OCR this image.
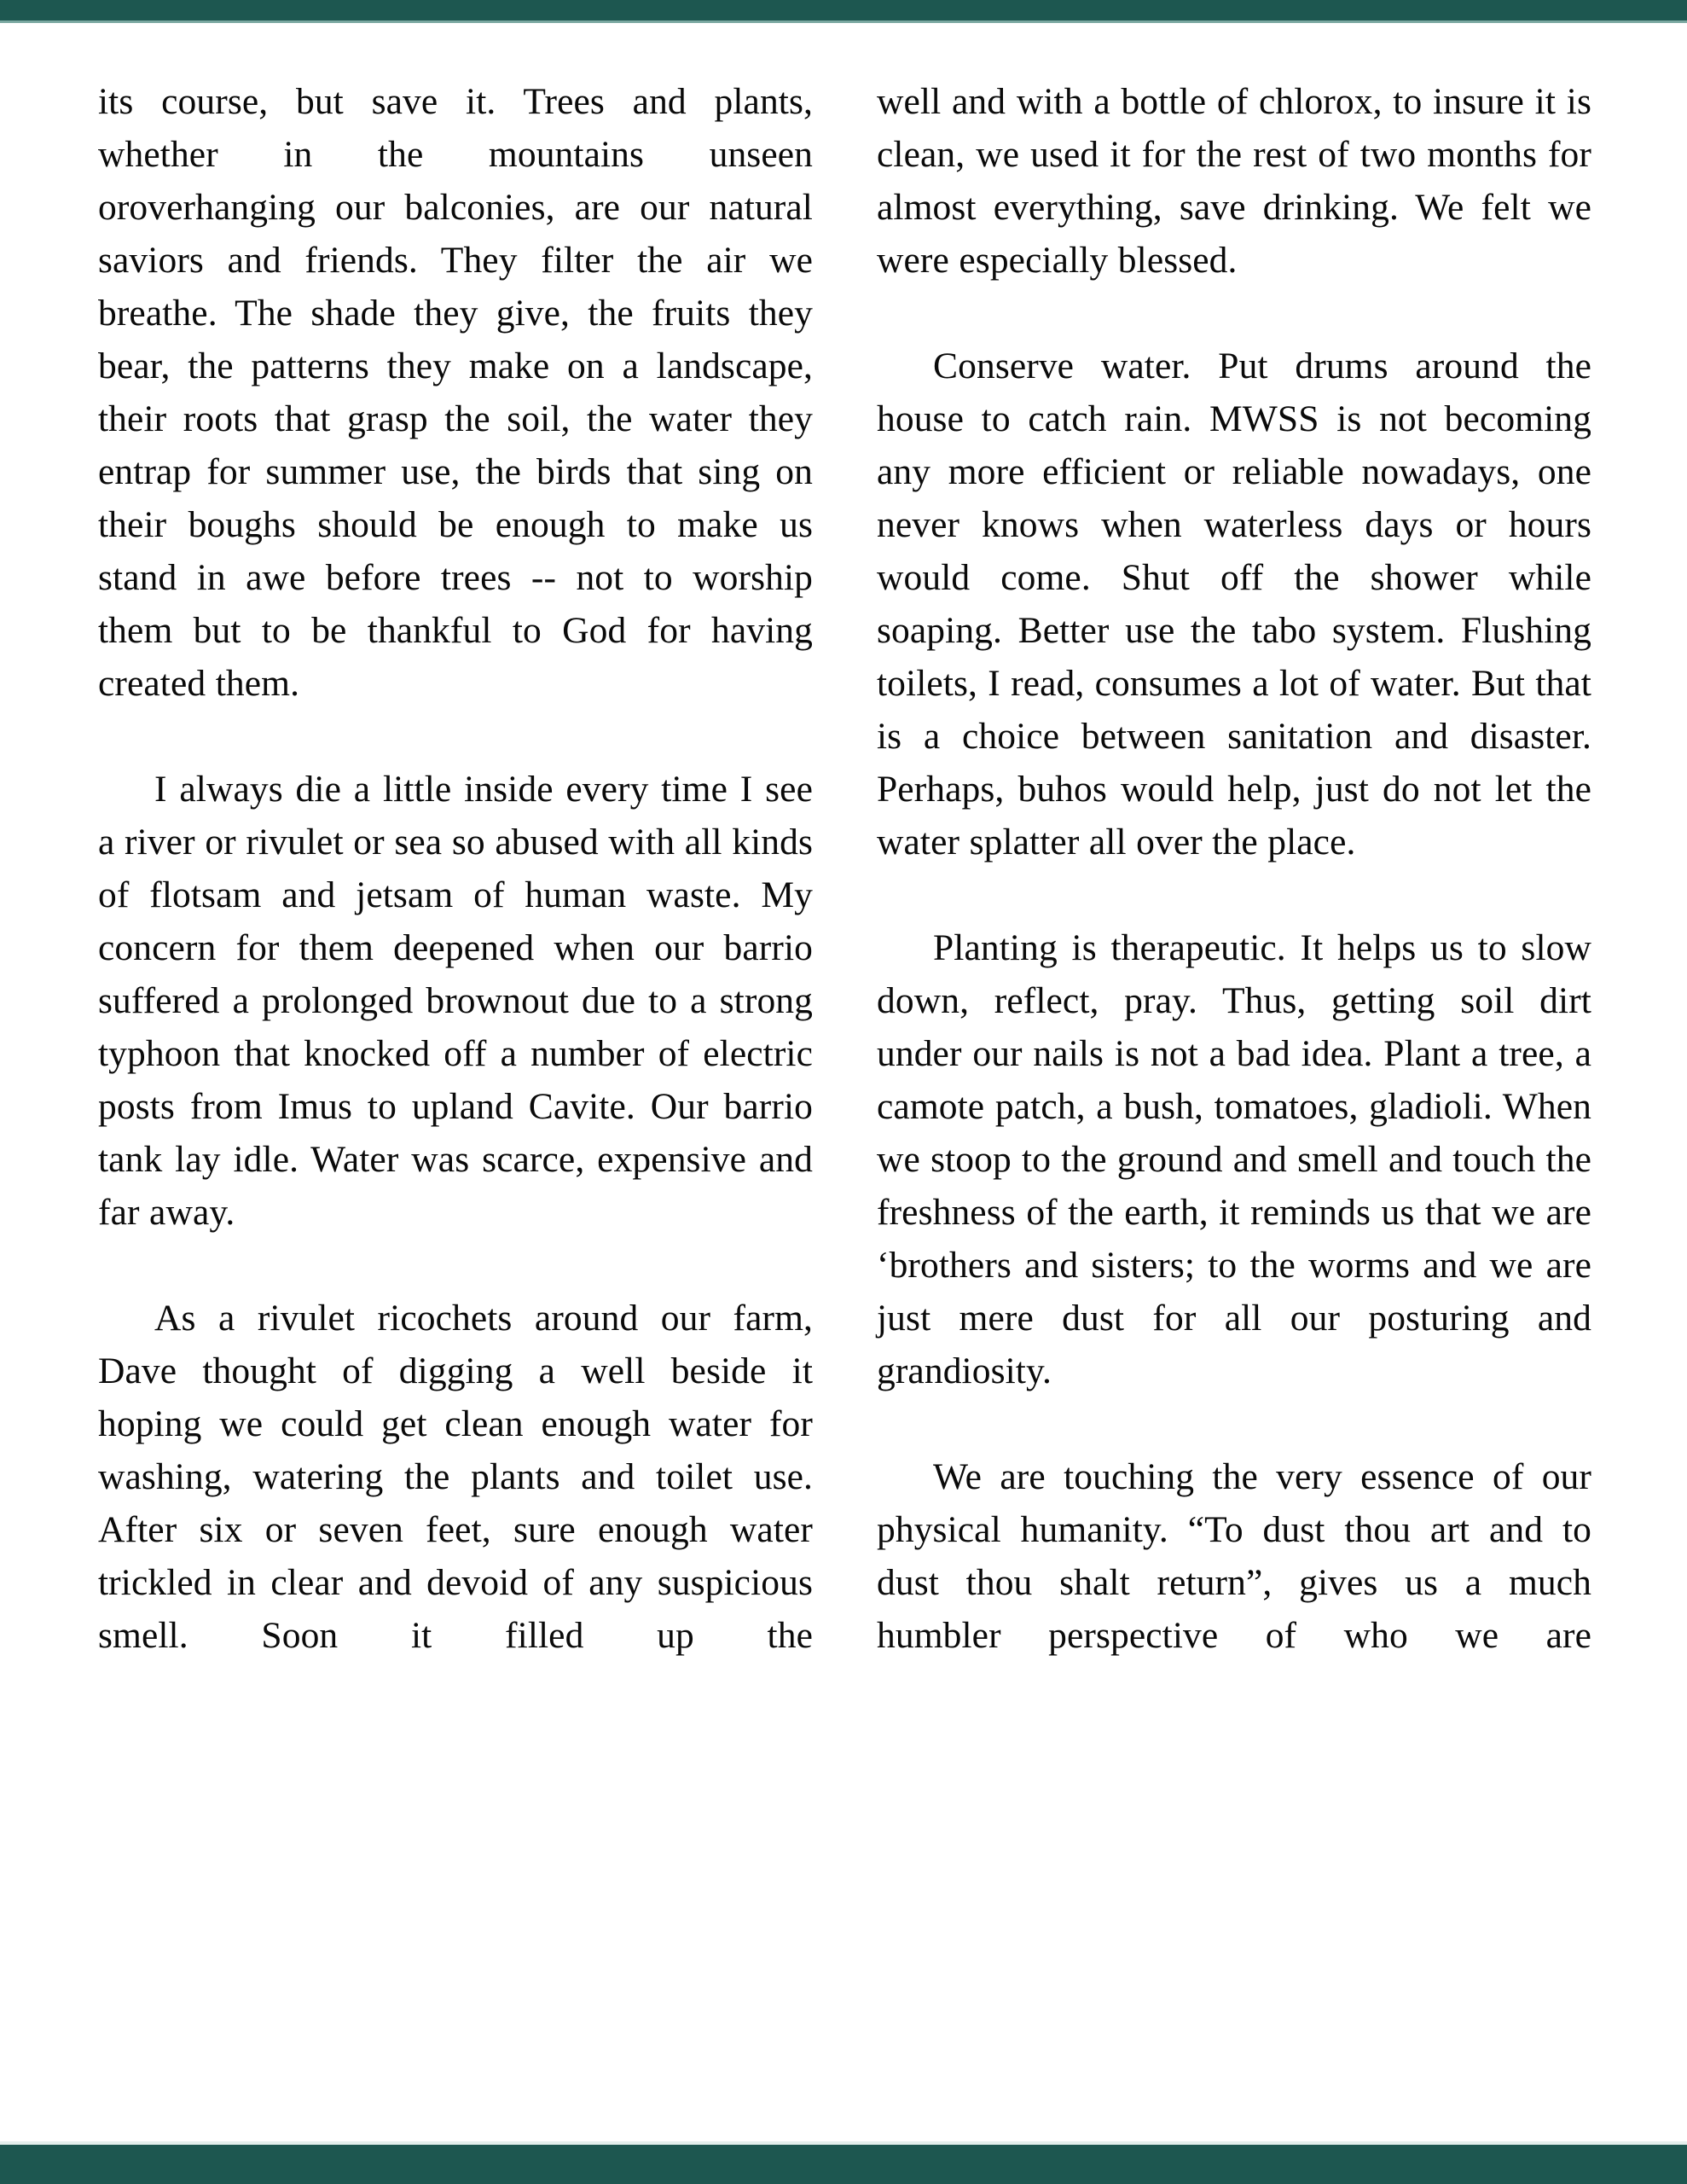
its course, but save it. Trees and plants, whether in the mountains unseen oroverhanging our balconies, are our natural saviors and friends. They filter the air we breathe. The shade they give, the fruits they bear, the patterns they make on a landscape, their roots that grasp the soil, the water they entrap for summer use, the birds that sing on their boughs should be enough to make us stand in awe before trees -- not to worship them but to be thankful to God for having created them.

I always die a little inside every time I see a river or rivulet or sea so abused with all kinds of flotsam and jetsam of human waste. My concern for them deepened when our barrio suffered a prolonged brownout due to a strong typhoon that knocked off a number of electric posts from Imus to upland Cavite. Our barrio tank lay idle. Water was scarce, expensive and far away.

As a rivulet ricochets around our farm, Dave thought of digging a well beside it hoping we could get clean enough water for washing, watering the plants and toilet use. After six or seven feet, sure enough water trickled in clear and devoid of any suspicious smell. Soon it filled up the

well and with a bottle of chlorox, to insure it is clean, we used it for the rest of two months for almost everything, save drinking. We felt we were especially blessed.

Conserve water. Put drums around the house to catch rain. MWSS is not becoming any more efficient or reliable nowadays, one never knows when waterless days or hours would come. Shut off the shower while soaping. Better use the tabo system. Flushing toilets, I read, consumes a lot of water. But that is a choice between sanitation and disaster. Perhaps, buhos would help, just do not let the water splatter all over the place.

Planting is therapeutic. It helps us to slow down, reflect, pray. Thus, getting soil dirt under our nails is not a bad idea. Plant a tree, a camote patch, a bush, tomatoes, gladioli. When we stoop to the ground and smell and touch the freshness of the earth, it reminds us that we are ‘brothers and sisters; to the worms and we are just mere dust for all our posturing and grandiosity.

We are touching the very essence of our physical humanity. “To dust thou art and to dust thou shalt return”, gives us a much humbler perspective of who we are
